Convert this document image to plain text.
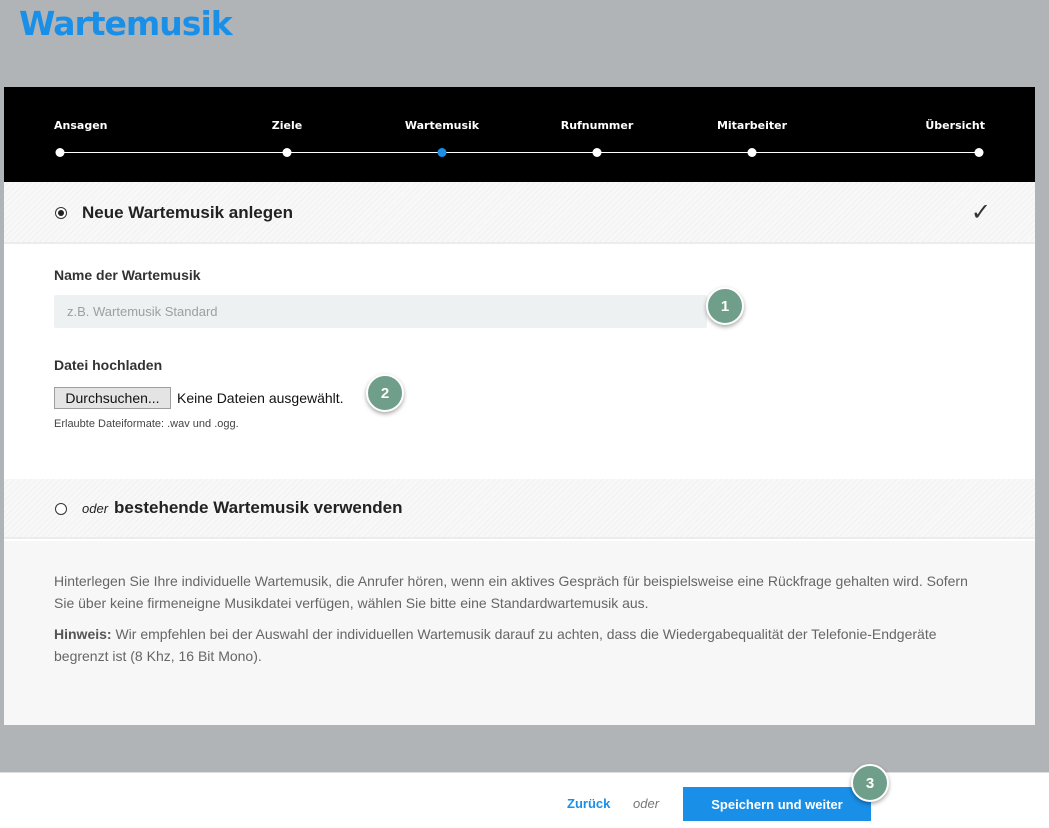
Wartemusik
Ansagen	Ziele	Wartemusik	Rufnummer	Mitarbeiter	Übersicht
Neue Wartemusik anlegen	✓
Name der Wartemusik
z.B. Wartemusik Standard
1
Datei hochladen
Durchsuchen...	Keine Dateien ausgewählt.	2
Erlaubte Dateiformate: .wav und .ogg.
oder bestehende Wartemusik verwenden

Hinterlegen Sie Ihre individuelle Wartemusik, die Anrufer hören, wenn ein aktives Gespräch für beispielsweise eine Rückfrage gehalten wird. Sofern Sie über keine firmeneigne Musikdatei verfügen, wählen Sie bitte eine Standardwartemusik aus.

Hinweis: Wir empfehlen bei der Auswahl der individuellen Wartemusik darauf zu achten, dass die Wiedergabequalität der Telefonie-Endgeräte begrenzt ist (8 Khz, 16 Bit Mono).

Zurück oder	Speichern und weiter
3
